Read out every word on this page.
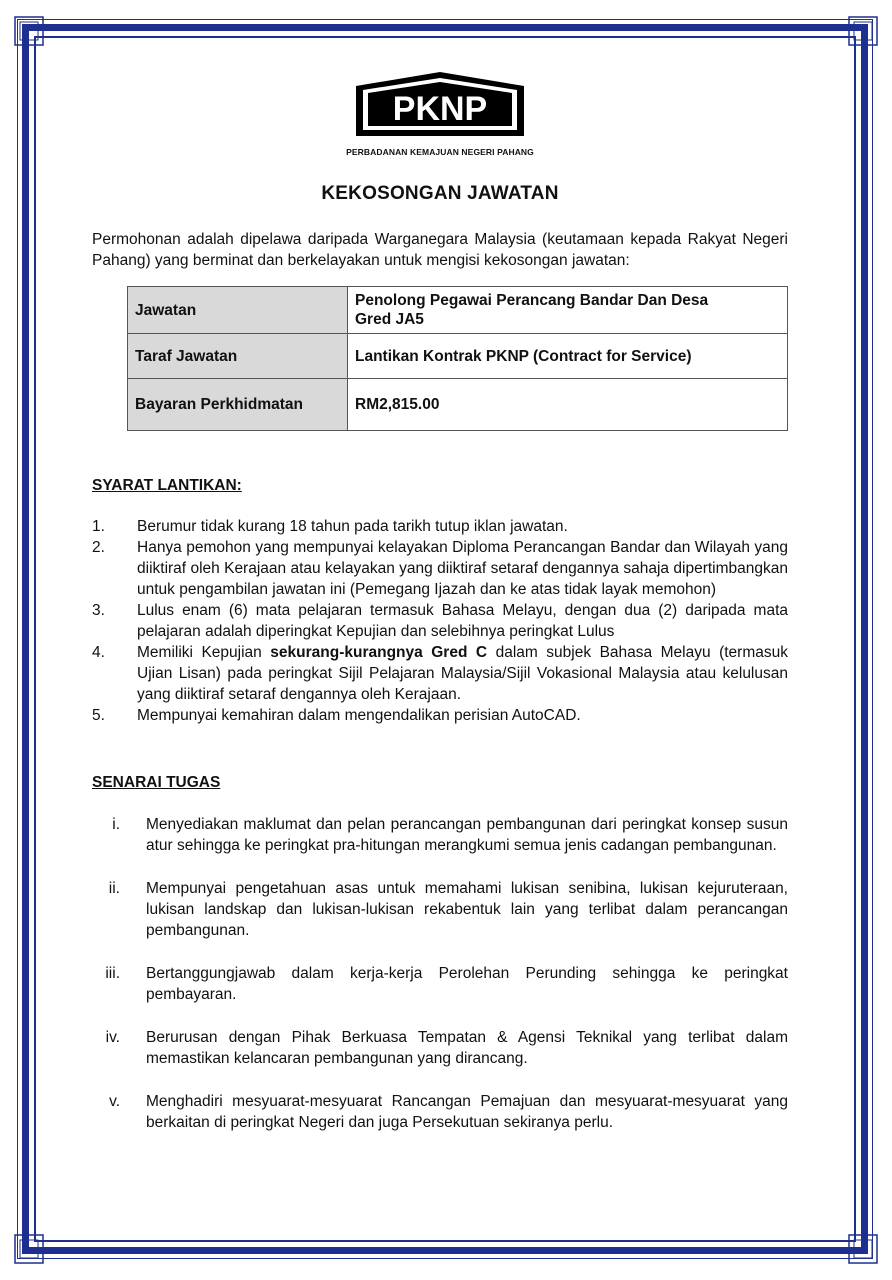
PKNP
PERBADANAN KEMAJUAN NEGERI PAHANG
KEKOSONGAN JAWATAN

Permohonan adalah dipelawa daripada Warganegara Malaysia (keutamaan kepada Rakyat Negeri Pahang) yang berminat dan berkelayakan untuk mengisi kekosongan jawatan:

Jawatan	Penolong Pegawai Perancang Bandar Dan Desa
Gred JA5

Taraf Jawatan	Lantikan Kontrak PKNP (Contract for Service)
Bayaran Perkhidmatan	RM2,815.00
SYARAT LANTIKAN:
1.	Berumur tidak kurang 18 tahun pada tarikh tutup iklan jawatan.
2.	Hanya pemohon yang mempunyai kelayakan Diploma Perancangan Bandar dan Wilayah yang diiktiraf oleh Kerajaan atau kelayakan yang diiktiraf setaraf dengannya sahaja dipertimbangkan untuk pengambilan jawatan ini (Pemegang Ijazah dan ke atas tidak layak memohon)
3.	Lulus enam (6) mata pelajaran termasuk Bahasa Melayu, dengan dua (2) daripada mata pelajaran adalah diperingkat Kepujian dan selebihnya peringkat Lulus
4.	Memiliki Kepujian sekurang-kurangnya Gred C dalam subjek Bahasa Melayu (termasuk Ujian Lisan) pada peringkat Sijil Pelajaran Malaysia/Sijil Vokasional Malaysia atau kelulusan yang diiktiraf setaraf dengannya oleh Kerajaan.
5.	Mempunyai kemahiran dalam mengendalikan perisian AutoCAD.
SENARAI TUGAS
i.	Menyediakan maklumat dan pelan perancangan pembangunan dari peringkat konsep susun atur sehingga ke peringkat pra-hitungan merangkumi semua jenis cadangan pembangunan.
ii.	Mempunyai pengetahuan asas untuk memahami lukisan senibina, lukisan kejuruteraan, lukisan landskap dan lukisan-lukisan rekabentuk lain yang terlibat dalam perancangan pembangunan.
iii.	Bertanggungjawab dalam kerja-kerja Perolehan Perunding sehingga ke peringkat pembayaran.
iv.	Berurusan dengan Pihak Berkuasa Tempatan & Agensi Teknikal yang terlibat dalam memastikan kelancaran pembangunan yang dirancang.
v.	Menghadiri mesyuarat-mesyuarat Rancangan Pemajuan dan mesyuarat-mesyuarat yang berkaitan di peringkat Negeri dan juga Persekutuan sekiranya perlu.
